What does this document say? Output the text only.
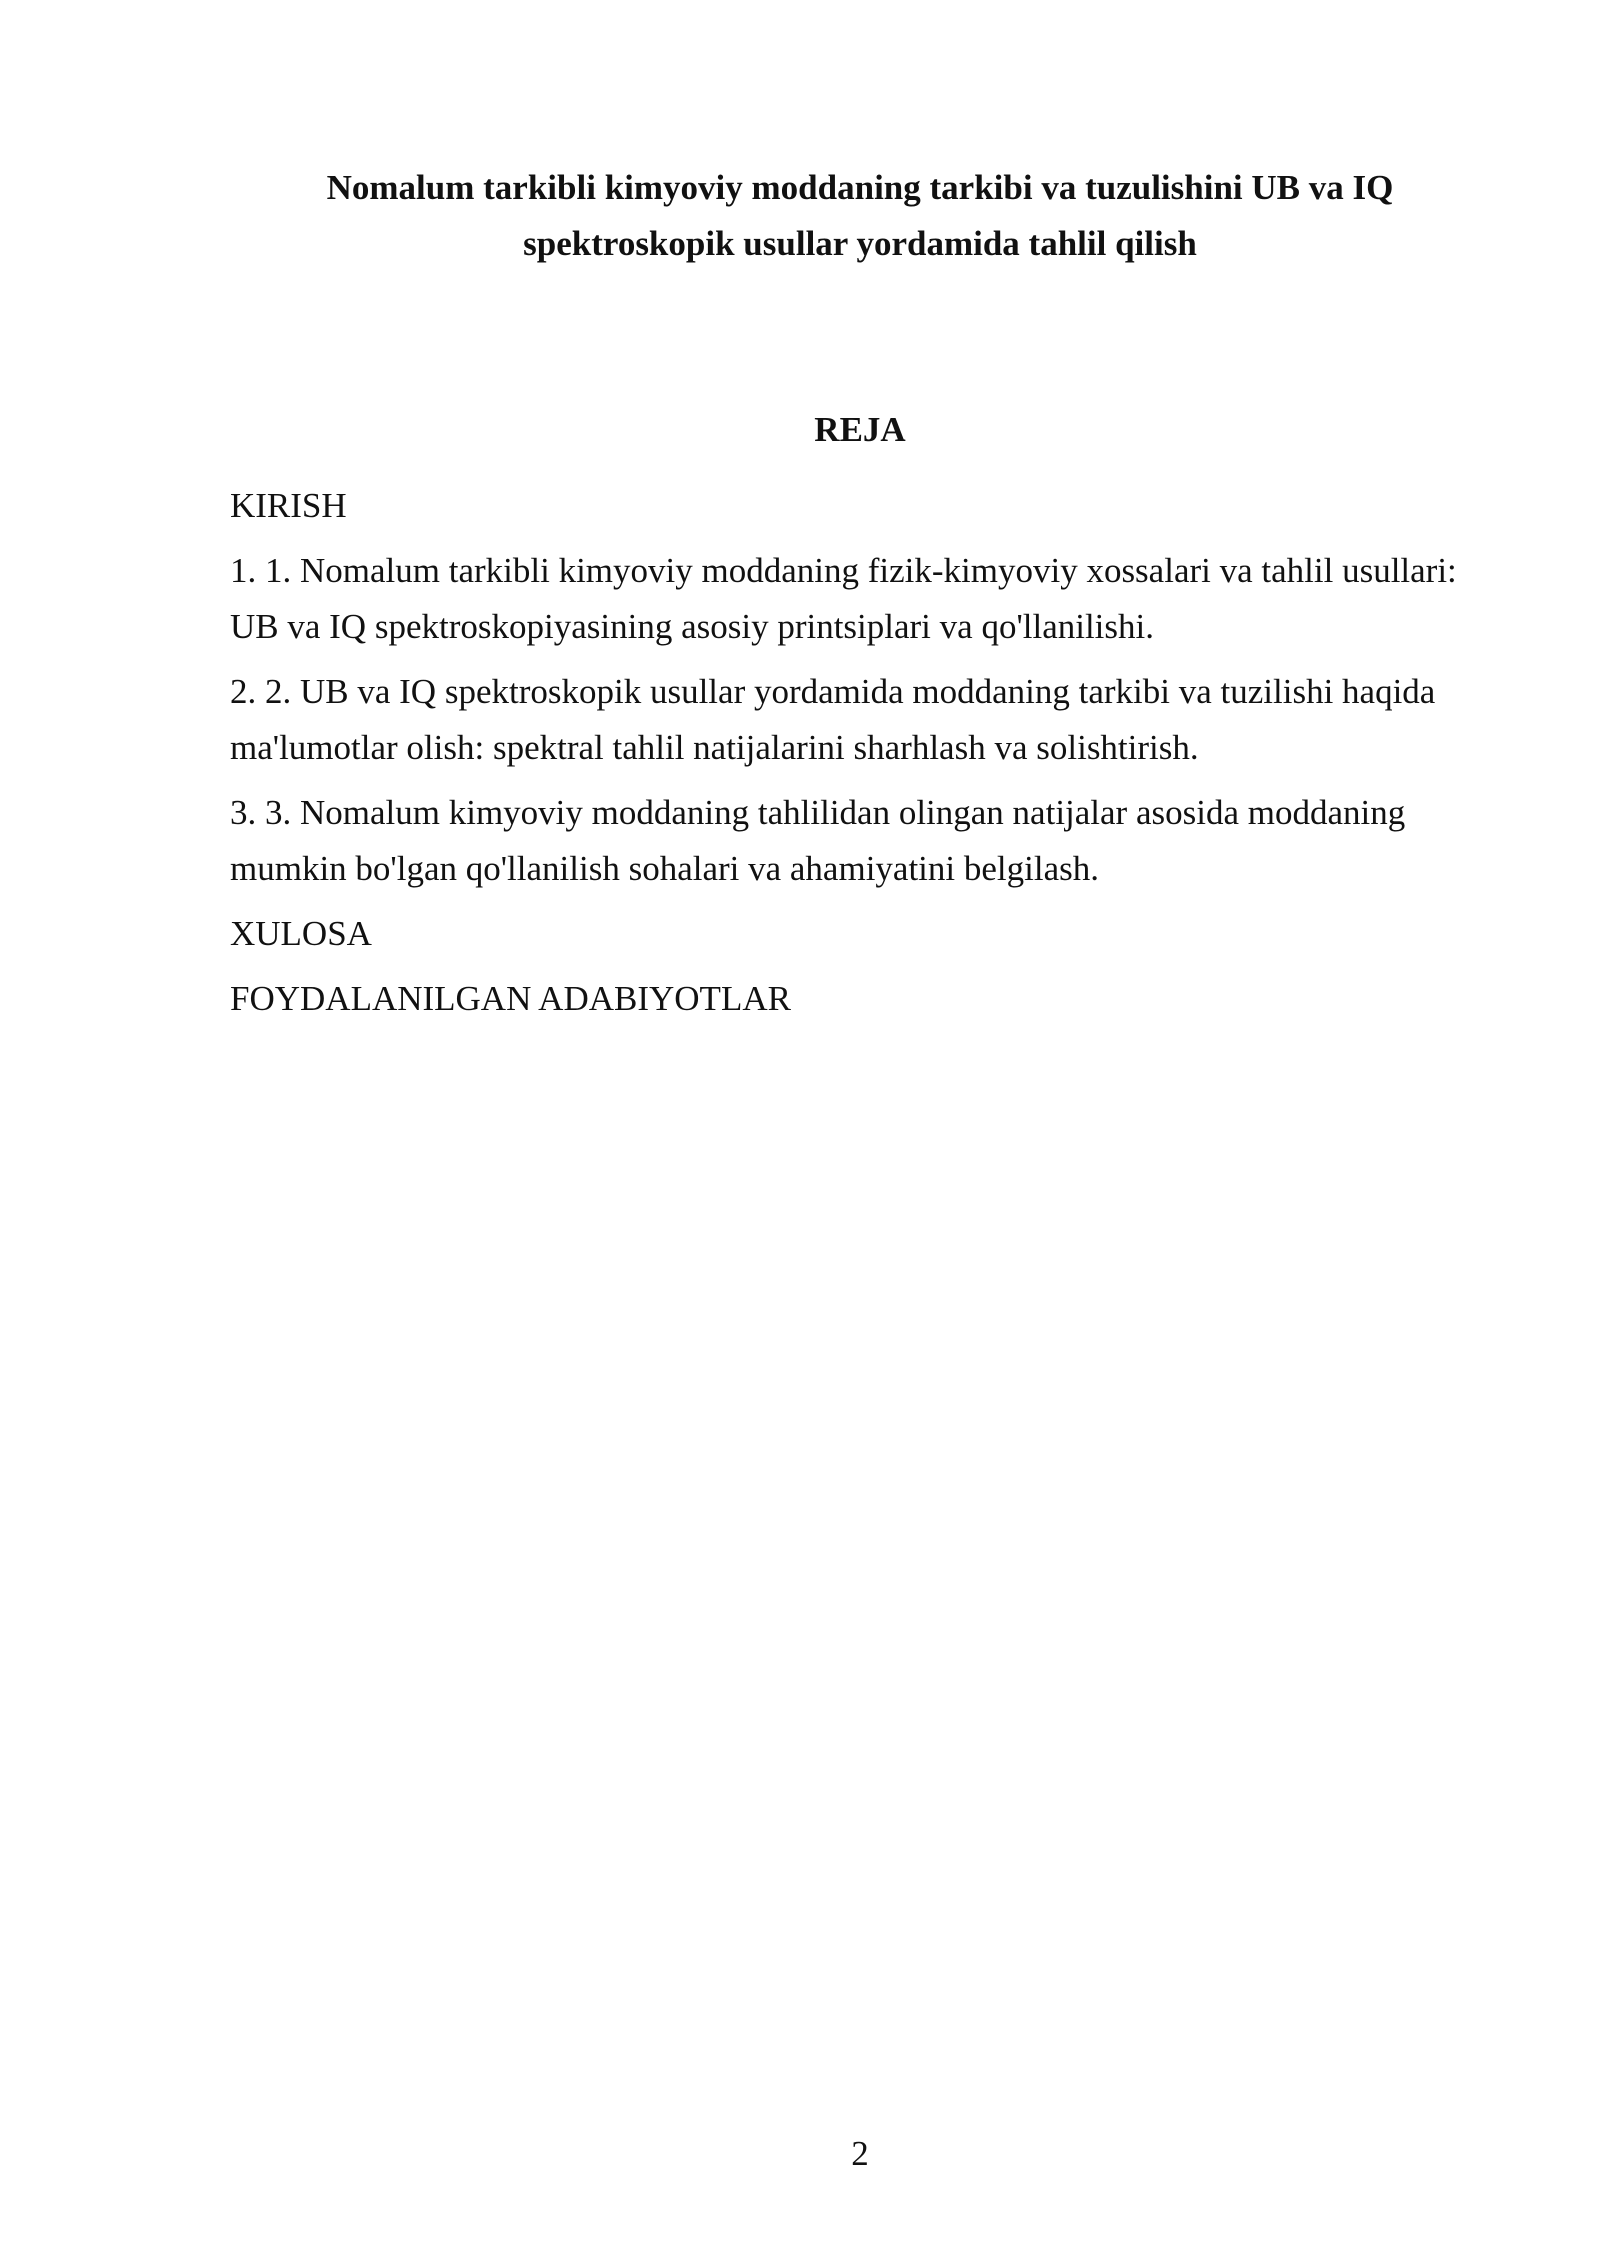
Nomalum tarkibli kimyoviy moddaning tarkibi va tuzulishini UB va IQ
spektroskopik usullar yordamida tahlil qilish
REJA

KIRISH

1. 1. Nomalum tarkibli kimyoviy moddaning fizik-kimyoviy xossalari va tahlil usullari: UB va IQ spektroskopiyasining asosiy printsiplari va qo'llanilishi.

2. 2. UB va IQ spektroskopik usullar yordamida moddaning tarkibi va tuzilishi haqida ma'lumotlar olish: spektral tahlil natijalarini sharhlash va solishtirish.

3. 3. Nomalum kimyoviy moddaning tahlilidan olingan natijalar asosida moddaning mumkin bo'lgan qo'llanilish sohalari va ahamiyatini belgilash.

XULOSA

FOYDALANILGAN ADABIYOTLAR

2
